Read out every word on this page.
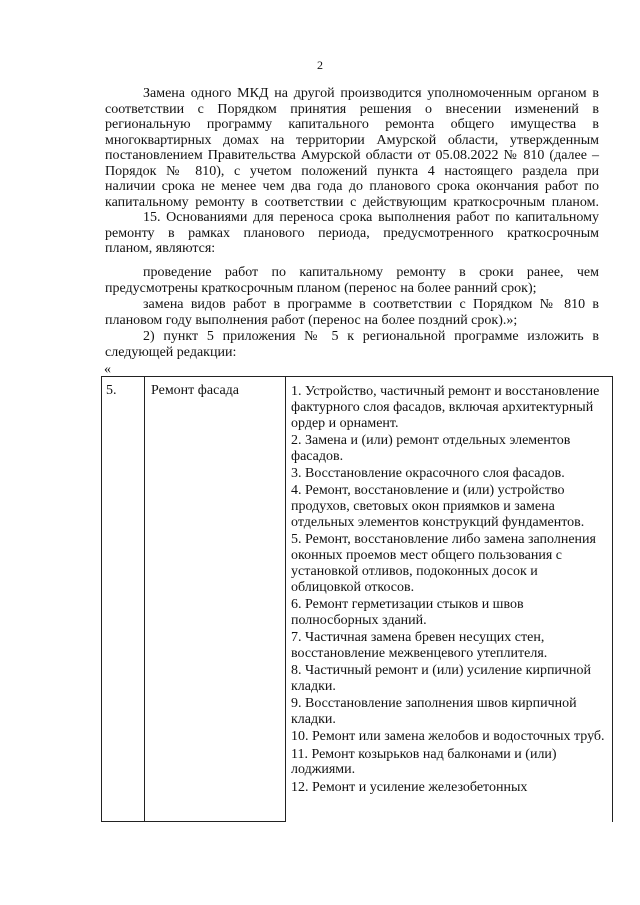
2
Замена одного МКД на другой производится уполномоченным органом в
соответствии с Порядком принятия решения о внесении изменений в
региональную программу капитального ремонта общего имущества в
многоквартирных домах на территории Амурской области, утвержденным
постановлением Правительства Амурской области от 05.08.2022 № 810 (далее –
Порядок № 810), с учетом положений пункта 4 настоящего раздела при
наличии срока не менее чем два года до планового срока окончания работ по
капитальному ремонту в соответствии с действующим краткосрочным планом.
15. Основаниями для переноса срока выполнения работ по капитальному
ремонту в рамках планового периода, предусмотренного краткосрочным
планом, являются:
проведение работ по капитальному ремонту в сроки ранее, чем
предусмотрены краткосрочным планом (перенос на более ранний срок);
замена видов работ в программе в соответствии с Порядком № 810 в
плановом году выполнения работ (перенос на более поздний срок).»;
2) пункт 5 приложения № 5 к региональной программе изложить в
следующей редакции:
«
5.	Ремонт фасада	1. Устройство, частичный ремонт и восстановление фактурного слоя фасадов, включая архитектурный ордер и орнамент.
2. Замена и (или) ремонт отдельных элементов фасадов.
3. Восстановление окрасочного слоя фасадов.
4. Ремонт, восстановление и (или) устройство продухов, световых окон приямков и замена отдельных элементов конструкций фундаментов.
5. Ремонт, восстановление либо замена заполнения оконных проемов мест общего пользования с установкой отливов, подоконных досок и облицовкой откосов.
6. Ремонт герметизации стыков и швов полносборных зданий.
7. Частичная замена бревен несущих стен, восстановление межвенцевого утеплителя.
8. Частичный ремонт и (или) усиление кирпичной кладки.
9. Восстановление заполнения швов кирпичной кладки.
10. Ремонт или замена желобов и водосточных труб.
11. Ремонт козырьков над балконами и (или) лоджиями.
12. Ремонт и усиление железобетонных
